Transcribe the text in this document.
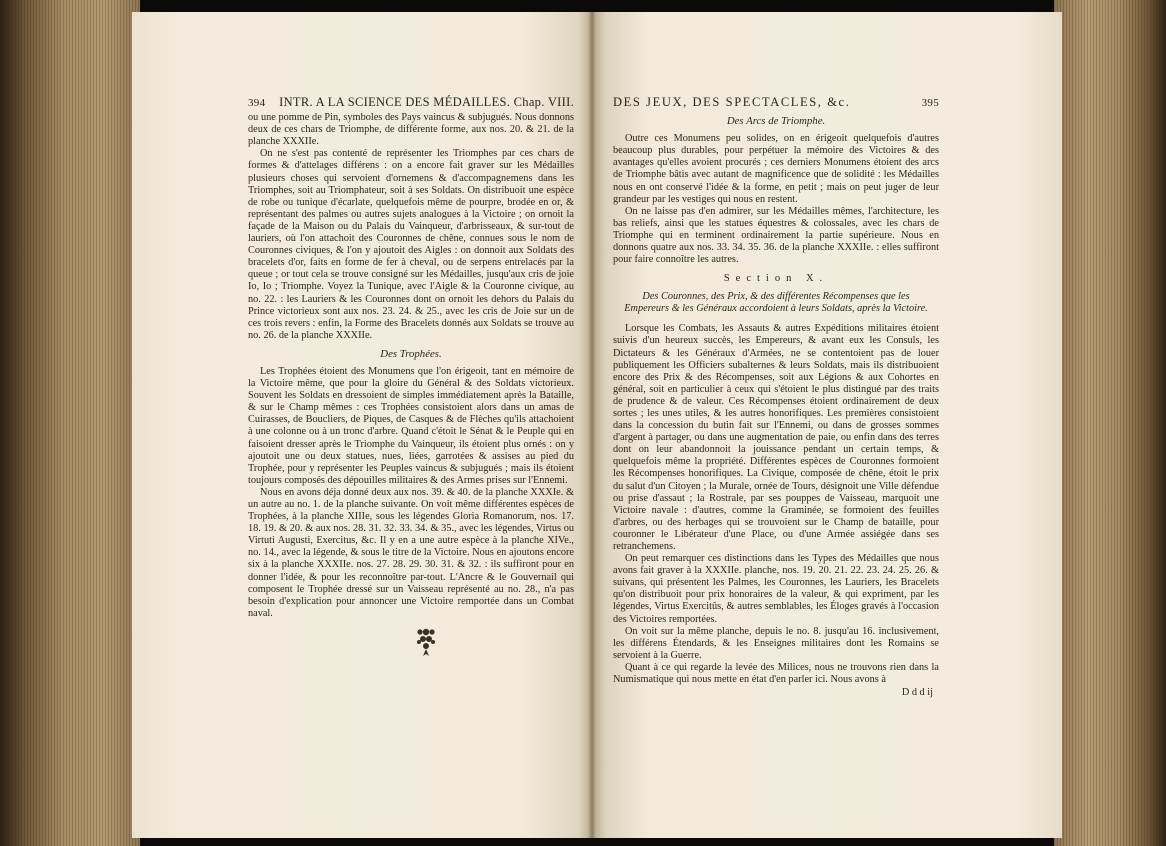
394 INTR. A LA SCIENCE DES MÉDAILLES. Chap. VIII.

ou une pomme de Pin, symboles des Pays vaincus & subjugués. Nous donnons deux de ces chars de Triomphe, de différente forme, aux nos. 20. & 21. de la planche XXXIIe.

On ne s'est pas contenté de représenter les Triomphes par ces chars de formes & d'attelages différens : on a encore fait graver sur les Médailles plusieurs choses qui servoient d'ornemens & d'accompagnemens dans les Triomphes, soit au Triomphateur, soit à ses Soldats. On distribuoit une espèce de robe ou tunique d'écarlate, quelquefois même de pourpre, brodée en or, & représentant des palmes ou autres sujets analogues à la Victoire ; on ornoit la façade de la Maison ou du Palais du Vainqueur, d'arbrisseaux, & sur-tout de lauriers, où l'on attachoit des Couronnes de chêne, connues sous le nom de Couronnes civiques, & l'on y ajoutoit des Aigles : on donnoit aux Soldats des bracelets d'or, faits en forme de fer à cheval, ou de serpens entrelacés par la queue ; or tout cela se trouve consigné sur les Médailles, jusqu'aux cris de joie Io, Io ; Triomphe. Voyez la Tunique, avec l'Aigle & la Couronne civique, au no. 22. : les Lauriers & les Couronnes dont on ornoit les dehors du Palais du Prince victorieux sont aux nos. 23. 24. & 25., avec les cris de Joie sur un de ces trois revers : enfin, la Forme des Bracelets donnés aux Soldats se trouve au no. 26. de la planche XXXIIe.

Des Trophées.

Les Trophées étoient des Monumens que l'on érigeoit, tant en mémoire de la Victoire même, que pour la gloire du Général & des Soldats victorieux. Souvent les Soldats en dressoient de simples immédiatement après la Bataille, & sur le Champ mêmes : ces Trophées consistoient alors dans un amas de Cuirasses, de Boucliers, de Piques, de Casques & de Flèches qu'ils attachoient à une colonne ou à un tronc d'arbre. Quand c'étoit le Sénat & le Peuple qui en faisoient dresser après le Triomphe du Vainqueur, ils étoient plus ornés : on y ajoutoit une ou deux statues, nues, liées, garrotées & assises au pied du Trophée, pour y représenter les Peuples vaincus & subjugués ; mais ils étoient toujours composés des dépouilles militaires & des Armes prises sur l'Ennemi.

Nous en avons déja donné deux aux nos. 39. & 40. de la planche XXXIe. & un autre au no. 1. de la planche suivante. On voit même différentes espèces de Trophées, à la planche XIIIe, sous les légendes Gloria Romanorum, nos. 17. 18. 19. & 20. & aux nos. 28. 31. 32. 33. 34. & 35., avec les légendes, Virtus ou Virtuti Augusti, Exercitus, &c. Il y en a une autre espèce à la planche XIVe., no. 14., avec la légende, & sous le titre de la Victoire. Nous en ajoutons encore six à la planche XXXIIe. nos. 27. 28. 29. 30. 31. & 32. : ils suffiront pour en donner l'idée, & pour les reconnoître par-tout. L'Ancre & le Gouvernail qui composent le Trophée dressé sur un Vaisseau représenté au no. 28., n'a pas besoin d'explication pour annoncer une Victoire remportée dans un Combat naval.

DES JEUX, DES SPECTACLES, &c.	395
Des Arcs de Triomphe.

Outre ces Monumens peu solides, on en érigeoit quelquefois d'autres beaucoup plus durables, pour perpétuer la mémoire des Victoires & des avantages qu'elles avoient procurés ; ces derniers Monumens étoient des arcs de Triomphe bâtis avec autant de magnificence que de solidité : les Médailles nous en ont conservé l'idée & la forme, en petit ; mais on peut juger de leur grandeur par les vestiges qui nous en restent.

On ne laisse pas d'en admirer, sur les Médailles mêmes, l'architecture, les bas reliefs, ainsi que les statues équestres & colossales, avec les chars de Triomphe qui en terminent ordinairement la partie supérieure. Nous en donnons quatre aux nos. 33. 34. 35. 36. de la planche XXXIIe. : elles suffiront pour faire connoître les autres.

Section X.
Des Couronnes, des Prix, & des différentes Récompenses que les Empereurs & les Généraux accordoient à leurs Soldats, après la Victoire.

Lorsque les Combats, les Assauts & autres Expéditions militaires étoient suivis d'un heureux succès, les Empereurs, & avant eux les Consuls, les Dictateurs & les Généraux d'Armées, ne se contentoient pas de louer publiquement les Officiers subalternes & leurs Soldats, mais ils distribuoient encore des Prix & des Récompenses, soit aux Légions & aux Cohortes en général, soit en particulier à ceux qui s'étoient le plus distingué par des traits de prudence & de valeur. Ces Récompenses étoient ordinairement de deux sortes ; les unes utiles, & les autres honorifiques. Les premières consistoient dans la concession du butin fait sur l'Ennemi, ou dans de grosses sommes d'argent à partager, ou dans une augmentation de paie, ou enfin dans des terres dont on leur abandonnoit la jouissance pendant un certain temps, & quelquefois même la propriété. Différentes espèces de Couronnes formoient les Récompenses honorifiques. La Civique, composée de chêne, étoit le prix du salut d'un Citoyen ; la Murale, ornée de Tours, désignoit une Ville défendue ou prise d'assaut ; la Rostrale, par ses pouppes de Vaisseau, marquoit une Victoire navale : d'autres, comme la Graminée, se formoient des feuilles d'arbres, ou des herbages qui se trouvoient sur le Champ de bataille, pour couronner le Libérateur d'une Place, ou d'une Armée assiégée dans ses retranchemens.

On peut remarquer ces distinctions dans les Types des Médailles que nous avons fait graver à la XXXIIe. planche, nos. 19. 20. 21. 22. 23. 24. 25. 26. & suivans, qui présentent les Palmes, les Couronnes, les Lauriers, les Bracelets qu'on distribuoit pour prix honoraires de la valeur, & qui expriment, par les légendes, Virtus Exercitûs, & autres semblables, les Éloges gravés à l'occasion des Victoires remportées.

On voit sur la même planche, depuis le no. 8. jusqu'au 16. inclusivement, les différens Étendards, & les Enseignes militaires dont les Romains se servoient à la Guerre.

Quant à ce qui regarde la levée des Milices, nous ne trouvons rien dans la Numismatique qui nous mette en état d'en parler ici. Nous avons à

D d d ij
